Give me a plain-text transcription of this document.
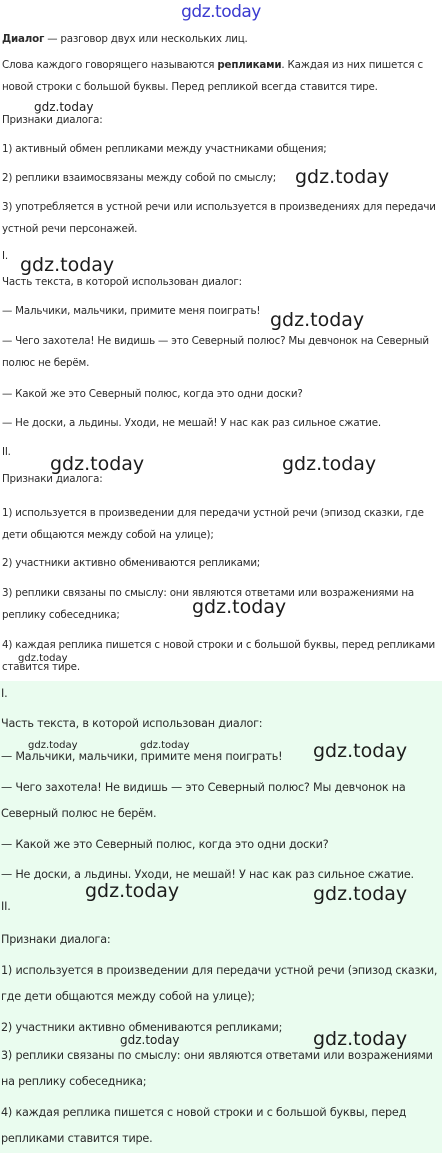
gdz.today
Диалог — разговор двух или нескольких лиц.
Слова каждого говорящего называются репликами. Каждая из них пишется с новой строки с большой буквы. Перед репликой всегда ставится тире.
Признаки диалога:
1) активный обмен репликами между участниками общения;
2) реплики взаимосвязаны между собой по смыслу;
3) употребляется в устной речи или используется в произведениях для передачи устной речи персонажей.
I.
Часть текста, в которой использован диалог:
— Мальчики, мальчики, примите меня поиграть!
— Чего захотела! Не видишь — это Северный полюс? Мы девчонок на Северный полюс не берём.
— Какой же это Северный полюс, когда это одни доски?
— Не доски, а льдины. Уходи, не мешай! У нас как раз сильное сжатие.
II.
Признаки диалога:
1) используется в произведении для передачи устной речи (эпизод сказки, где дети общаются между собой на улице);
2) участники активно обмениваются репликами;
3) реплики связаны по смыслу: они являются ответами или возражениями на реплику собеседника;
4) каждая реплика пишется с новой строки и с большой буквы, перед репликами ставится тире.
I.
Часть текста, в которой использован диалог:
— Мальчики, мальчики, примите меня поиграть!
— Чего захотела! Не видишь — это Северный полюс? Мы девчонок на Северный полюс не берём.
— Какой же это Северный полюс, когда это одни доски?
— Не доски, а льдины. Уходи, не мешай! У нас как раз сильное сжатие.
II.
Признаки диалога:
1) используется в произведении для передачи устной речи (эпизод сказки, где дети общаются между собой на улице);
2) участники активно обмениваются репликами;
3) реплики связаны по смыслу: они являются ответами или возражениями на реплику собеседника;
4) каждая реплика пишется с новой строки и с большой буквы, перед репликами ставится тире.
gdz.today
gdz.today
gdz.today
gdz.today
gdz.today	gdz.today
gdz.today
gdz.today
gdz.today	gdz.today	gdz.today
gdz.today	gdz.today
gdz.today
gdz.today
